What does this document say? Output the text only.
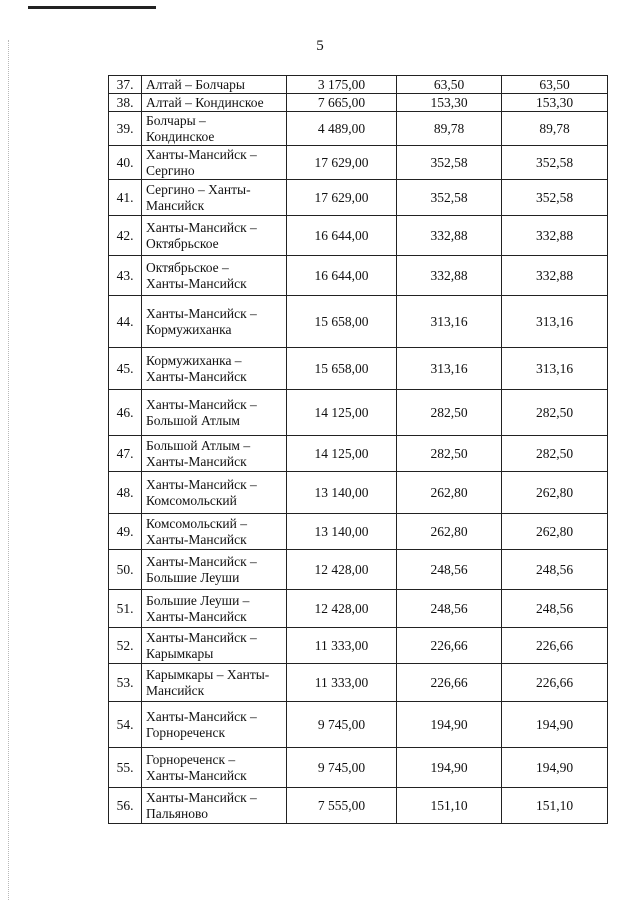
5
37.	Алтай – Болчары	3 175,00	63,50	63,50
38.	Алтай – Кондинское	7 665,00	153,30	153,30
39.	Болчары –
Кондинское	4 489,00	89,78	89,78
40.	Ханты-Мансийск –
Сергино	17 629,00	352,58	352,58
41.	Сергино – Ханты-
Мансийск	17 629,00	352,58	352,58
42.	Ханты-Мансийск –
Октябрьское	16 644,00	332,88	332,88
43.	Октябрьское –
Ханты-Мансийск	16 644,00	332,88	332,88
44.	Ханты-Мансийск –
Кормужиханка	15 658,00	313,16	313,16
45.	Кормужиханка –
Ханты-Мансийск	15 658,00	313,16	313,16
46.	Ханты-Мансийск –
Большой Атлым	14 125,00	282,50	282,50
47.	Большой Атлым –
Ханты-Мансийск	14 125,00	282,50	282,50
48.	Ханты-Мансийск –
Комсомольский	13 140,00	262,80	262,80
49.	Комсомольский –
Ханты-Мансийск	13 140,00	262,80	262,80
50.	Ханты-Мансийск –
Большие Леуши	12 428,00	248,56	248,56
51.	Большие Леуши –
Ханты-Мансийск	12 428,00	248,56	248,56
52.	Ханты-Мансийск –
Карымкары	11 333,00	226,66	226,66
53.	Карымкары – Ханты-
Мансийск	11 333,00	226,66	226,66
54.	Ханты-Мансийск –
Горнореченск	9 745,00	194,90	194,90
55.	Горнореченск –
Ханты-Мансийск	9 745,00	194,90	194,90
56.	Ханты-Мансийск –
Пальяново	7 555,00	151,10	151,10
